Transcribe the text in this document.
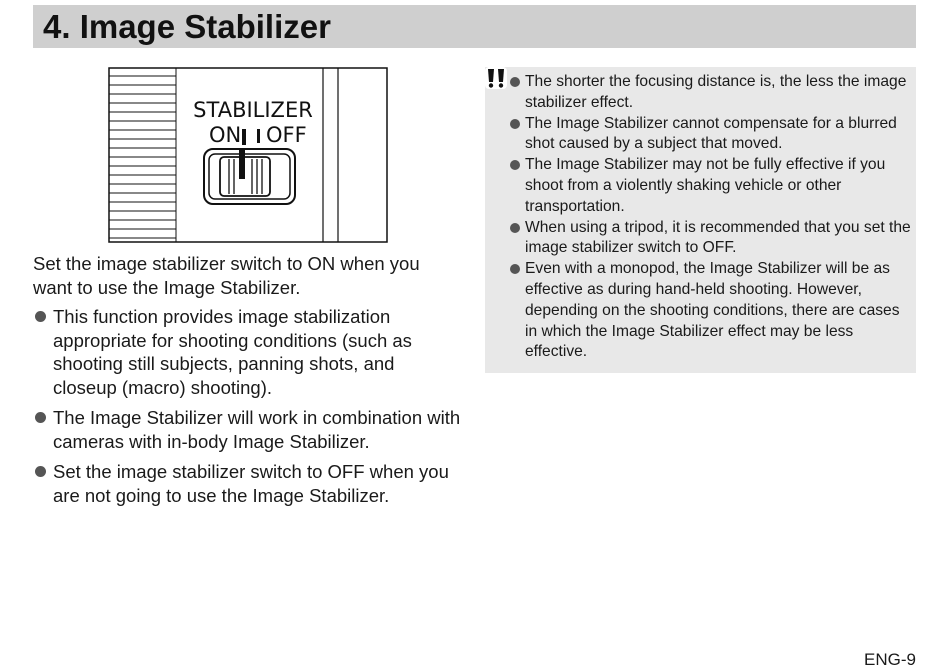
4. Image Stabilizer
STABILIZER
ON OFF

Set the image stabilizer switch to ON when you want to use the Image Stabilizer.

This function provides image stabilization appropriate for shooting conditions (such as shooting still subjects, panning shots, and closeup (macro) shooting).
The Image Stabilizer will work in combination with cameras with in-body Image Stabilizer.
Set the image stabilizer switch to OFF when you are not going to use the Image Stabilizer.
The shorter the focusing distance is, the less the image stabilizer effect.
The Image Stabilizer cannot compensate for a blurred shot caused by a subject that moved.
The Image Stabilizer may not be fully effective if you shoot from a violently shaking vehicle or other transportation.
When using a tripod, it is recommended that you set the image stabilizer switch to OFF.
Even with a monopod, the Image Stabilizer will be as effective as during hand-held shooting. However, depending on the shooting conditions, there are cases in which the Image Stabilizer effect may be less effective.
ENG-9
